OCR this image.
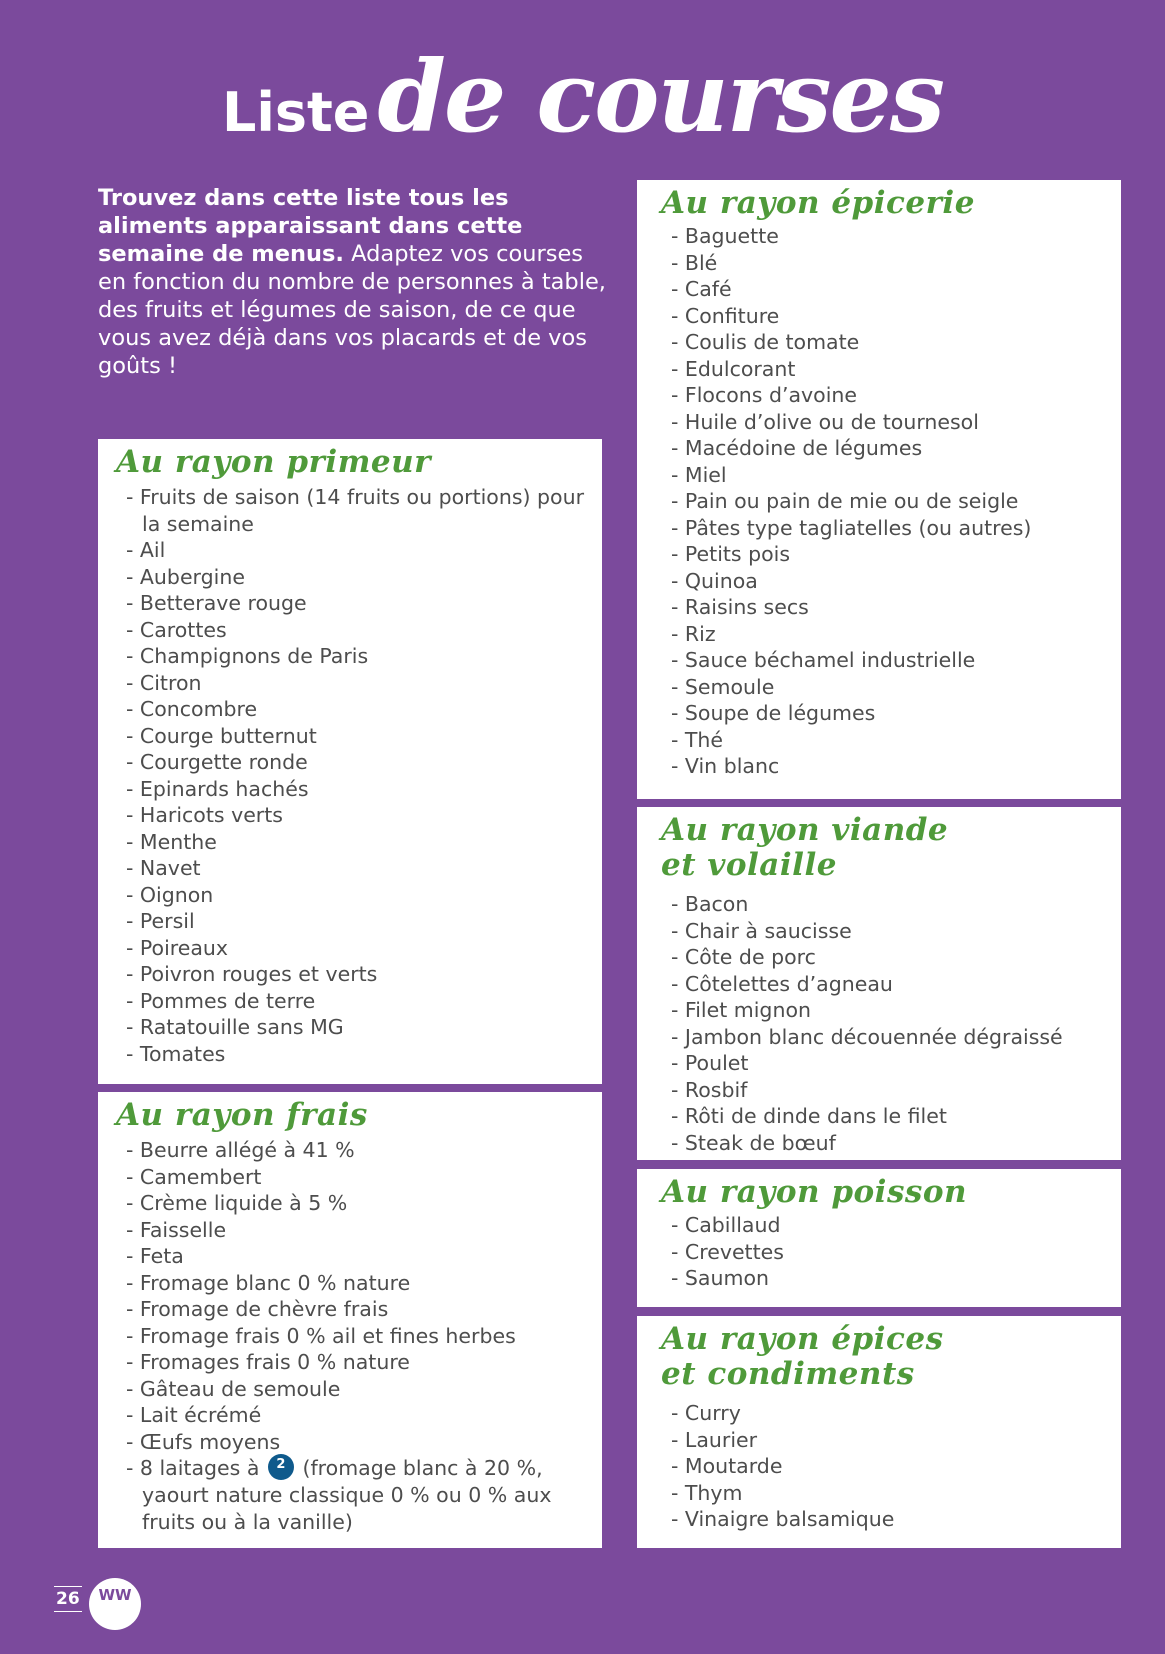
Listede courses
Trouvez dans cette liste tous les aliments apparaissant dans cette semaine de menus. Adaptez vos courses en fonction du nombre de personnes à table, des fruits et légumes de saison, de ce que vous avez déjà dans vos placards et de vos goûts !
Au rayon primeur
- Fruits de saison (14 fruits ou portions) pour la semaine
- Ail
- Aubergine
- Betterave rouge
- Carottes
- Champignons de Paris
- Citron
- Concombre
- Courge butternut
- Courgette ronde
- Epinards hachés
- Haricots verts
- Menthe
- Navet
- Oignon
- Persil
- Poireaux
- Poivron rouges et verts
- Pommes de terre
- Ratatouille sans MG
- Tomates
Au rayon frais
- Beurre allégé à 41 %
- Camembert
- Crème liquide à 5 %
- Faisselle
- Feta
- Fromage blanc 0 % nature
- Fromage de chèvre frais
- Fromage frais 0 % ail et fines herbes
- Fromages frais 0 % nature
- Gâteau de semoule
- Lait écrémé
- Œufs moyens
- 8 laitages à 2 (fromage blanc à 20 %, yaourt nature classique 0 % ou 0 % aux fruits ou à la vanille)
Au rayon épicerie
- Baguette
- Blé
- Café
- Confiture
- Coulis de tomate
- Edulcorant
- Flocons d’avoine
- Huile d’olive ou de tournesol
- Macédoine de légumes
- Miel
- Pain ou pain de mie ou de seigle
- Pâtes type tagliatelles (ou autres)
- Petits pois
- Quinoa
- Raisins secs
- Riz
- Sauce béchamel industrielle
- Semoule
- Soupe de légumes
- Thé
- Vin blanc
Au rayon viande
et volaille
- Bacon
- Chair à saucisse
- Côte de porc
- Côtelettes d’agneau
- Filet mignon
- Jambon blanc découennée dégraissé
- Poulet
- Rosbif
- Rôti de dinde dans le filet
- Steak de bœuf
Au rayon poisson
- Cabillaud
- Crevettes
- Saumon
Au rayon épices
et condiments
- Curry
- Laurier
- Moutarde
- Thym
- Vinaigre balsamique
26	WW
